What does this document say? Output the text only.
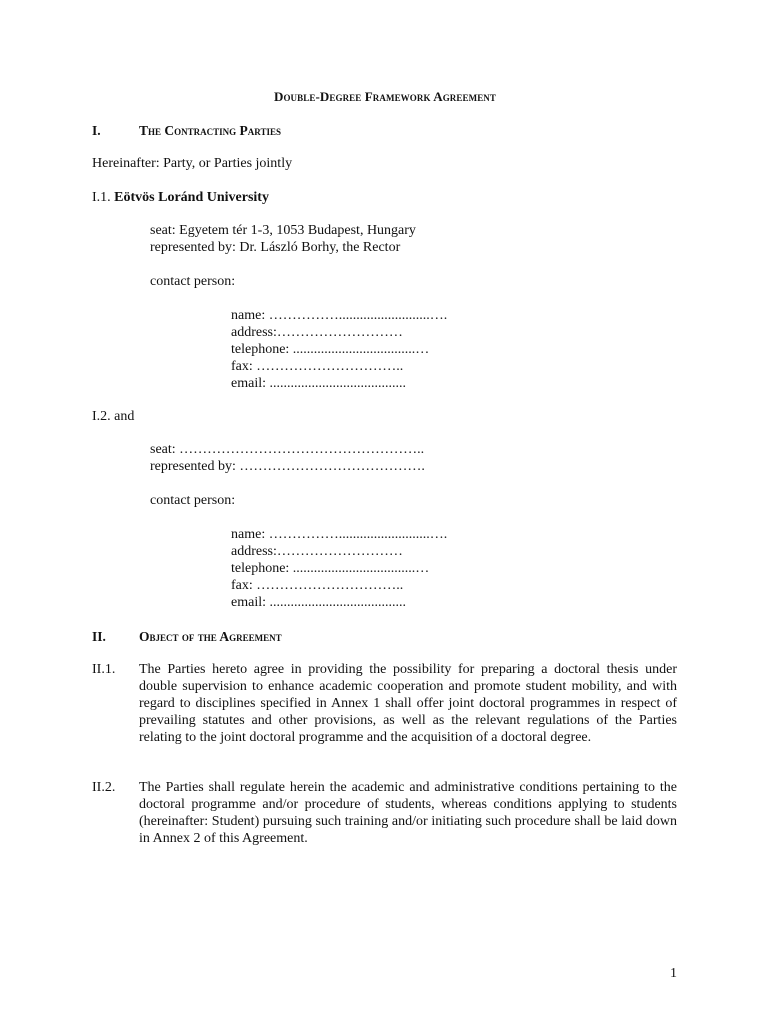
Double-Degree Framework Agreement
I.	The Contracting Parties
Hereinafter: Party, or Parties jointly
I.1. Eötvös Loránd University
seat: Egyetem tér 1-3, 1053 Budapest, Hungary
represented by: Dr. László Borhy, the Rector
contact person:
name: ……………..........................….
address:………………………
telephone: ...................................…
fax: …………………………..
email: .......................................
I.2. and
seat: ……………………………………………..
represented by: ………………………………….
contact person:
name: ……………..........................….
address:………………………
telephone: ...................................…
fax: …………………………..
email: .......................................
II. Object of the Agreement
II.1. The Parties hereto agree in providing the possibility for preparing a doctoral thesis under double supervision to enhance academic cooperation and promote student mobility, and with regard to disciplines specified in Annex 1 shall offer joint doctoral programmes in respect of prevailing statutes and other provisions, as well as the relevant regulations of the Parties relating to the joint doctoral programme and the acquisition of a doctoral degree.
II.2. The Parties shall regulate herein the academic and administrative conditions pertaining to the doctoral programme and/or procedure of students, whereas conditions applying to students (hereinafter: Student) pursuing such training and/or initiating such procedure shall be laid down in Annex 2 of this Agreement.
1
